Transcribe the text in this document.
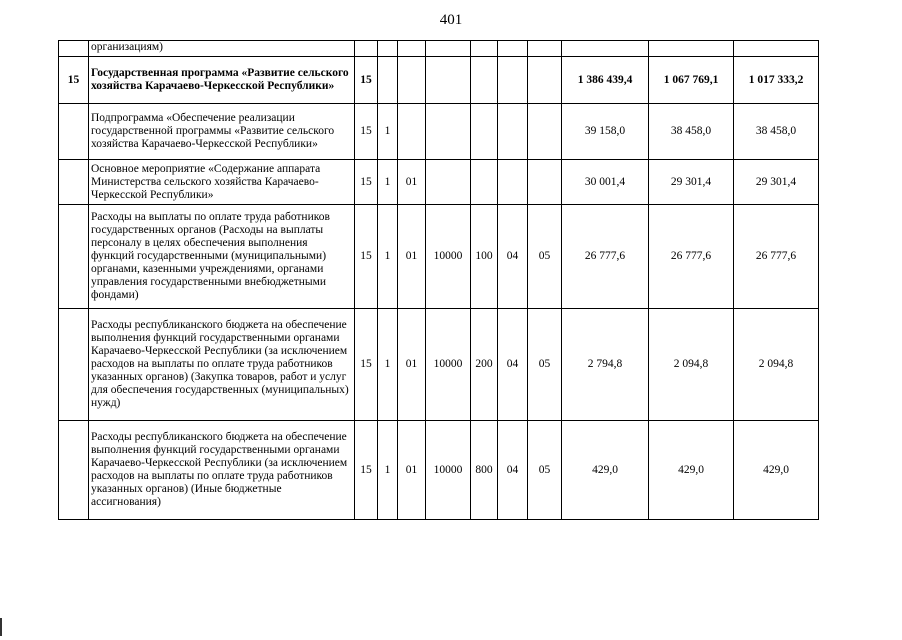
401
	организациям)										
15	Государственная программа «Развитие сельского хозяйства Карачаево-Черкесской Республики»	15							1 386 439,4	1 067 769,1	1 017 333,2
	Подпрограмма «Обеспечение реализации государственной программы «Развитие сельского хозяйства Карачаево-Черкесской Республики»	15	1						39 158,0	38 458,0	38 458,0
	Основное мероприятие «Содержание аппарата Министерства сельского хозяйства Карачаево-Черкесской Республики»	15	1	01					30 001,4	29 301,4	29 301,4
	Расходы на выплаты по оплате труда работников государственных органов (Расходы на выплаты персоналу в целях обеспечения выполнения функций государственными (муниципальными) органами, казенными учреждениями, органами управления государственными внебюджетными фондами)	15	1	01	10000	100	04	05	26 777,6	26 777,6	26 777,6
	Расходы республиканского бюджета на обеспечение выполнения функций государственными органами Карачаево-Черкесской Республики (за исключением расходов на выплаты по оплате труда работников указанных органов) (Закупка товаров, работ и услуг для обеспечения государственных (муниципальных) нужд)	15	1	01	10000	200	04	05	2 794,8	2 094,8	2 094,8
	Расходы республиканского бюджета на обеспечение выполнения функций государственными органами Карачаево-Черкесской Республики (за исключением расходов на выплаты по оплате труда работников указанных органов) (Иные бюджетные ассигнования)	15	1	01	10000	800	04	05	429,0	429,0	429,0
